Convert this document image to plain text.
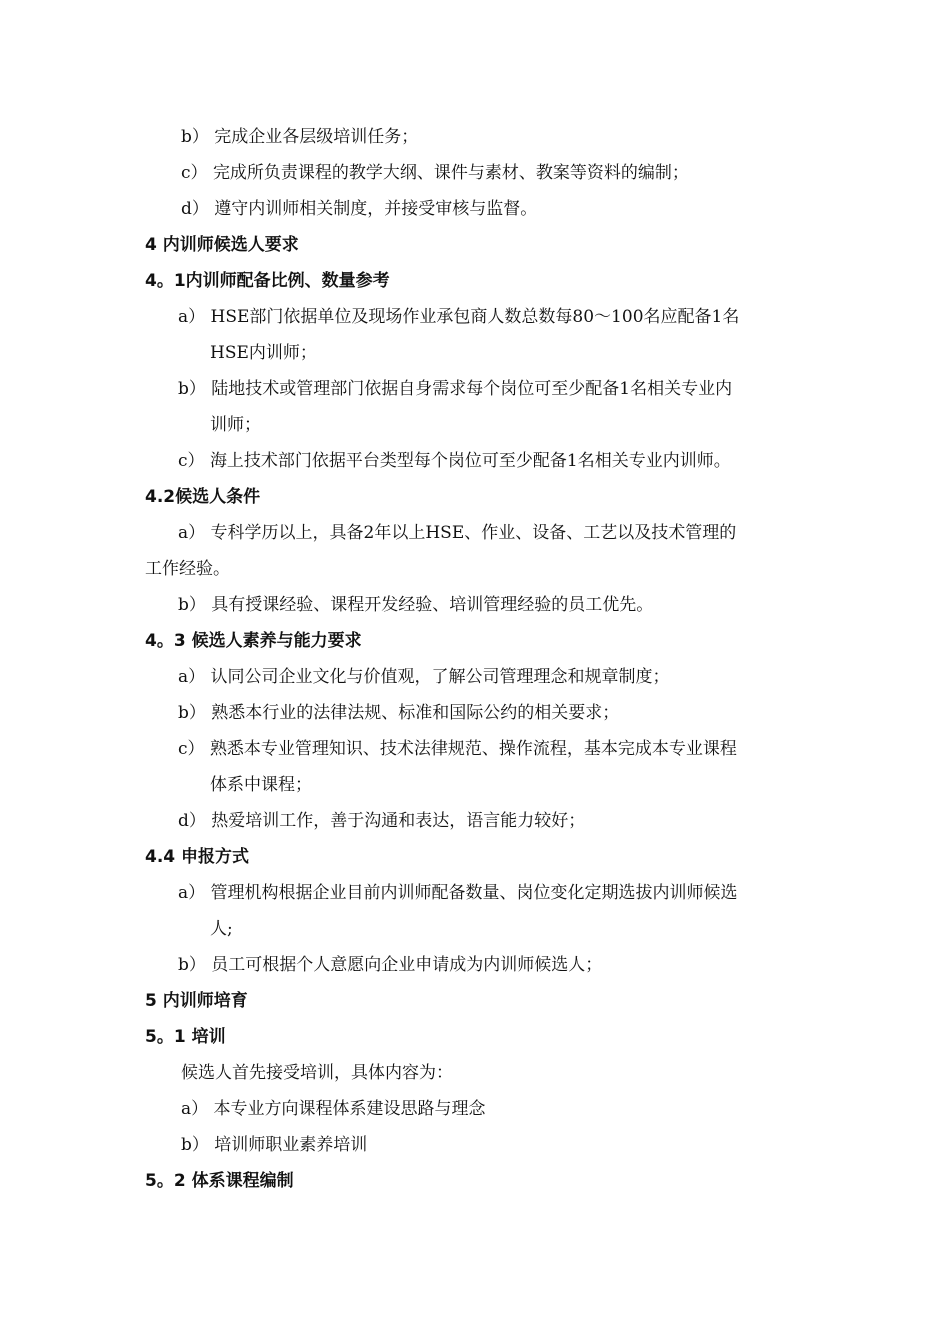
b） 完成企业各层级培训任务；
c） 完成所负责课程的教学大纲、课件与素材、教案等资料的编制；
d） 遵守内训师相关制度，并接受审核与监督。
4 内训师候选人要求
4。1内训师配备比例、数量参考
a） HSE部门依据单位及现场作业承包商人数总数每80～100名应配备1名
HSE内训师；
b） 陆地技术或管理部门依据自身需求每个岗位可至少配备1名相关专业内
训师；
c） 海上技术部门依据平台类型每个岗位可至少配备1名相关专业内训师。
4.2候选人条件
a） 专科学历以上，具备2年以上HSE、作业、设备、工艺以及技术管理的
工作经验。
b） 具有授课经验、课程开发经验、培训管理经验的员工优先。
4。3 候选人素养与能力要求
a） 认同公司企业文化与价值观，了解公司管理理念和规章制度；
b） 熟悉本行业的法律法规、标准和国际公约的相关要求；
c） 熟悉本专业管理知识、技术法律规范、操作流程，基本完成本专业课程
体系中课程；
d） 热爱培训工作，善于沟通和表达，语言能力较好；
4.4 申报方式
a） 管理机构根据企业目前内训师配备数量、岗位变化定期选拔内训师候选
人;
b） 员工可根据个人意愿向企业申请成为内训师候选人；
5 内训师培育
5。1 培训
候选人首先接受培训，具体内容为：
a） 本专业方向课程体系建设思路与理念
b） 培训师职业素养培训
5。2 体系课程编制
